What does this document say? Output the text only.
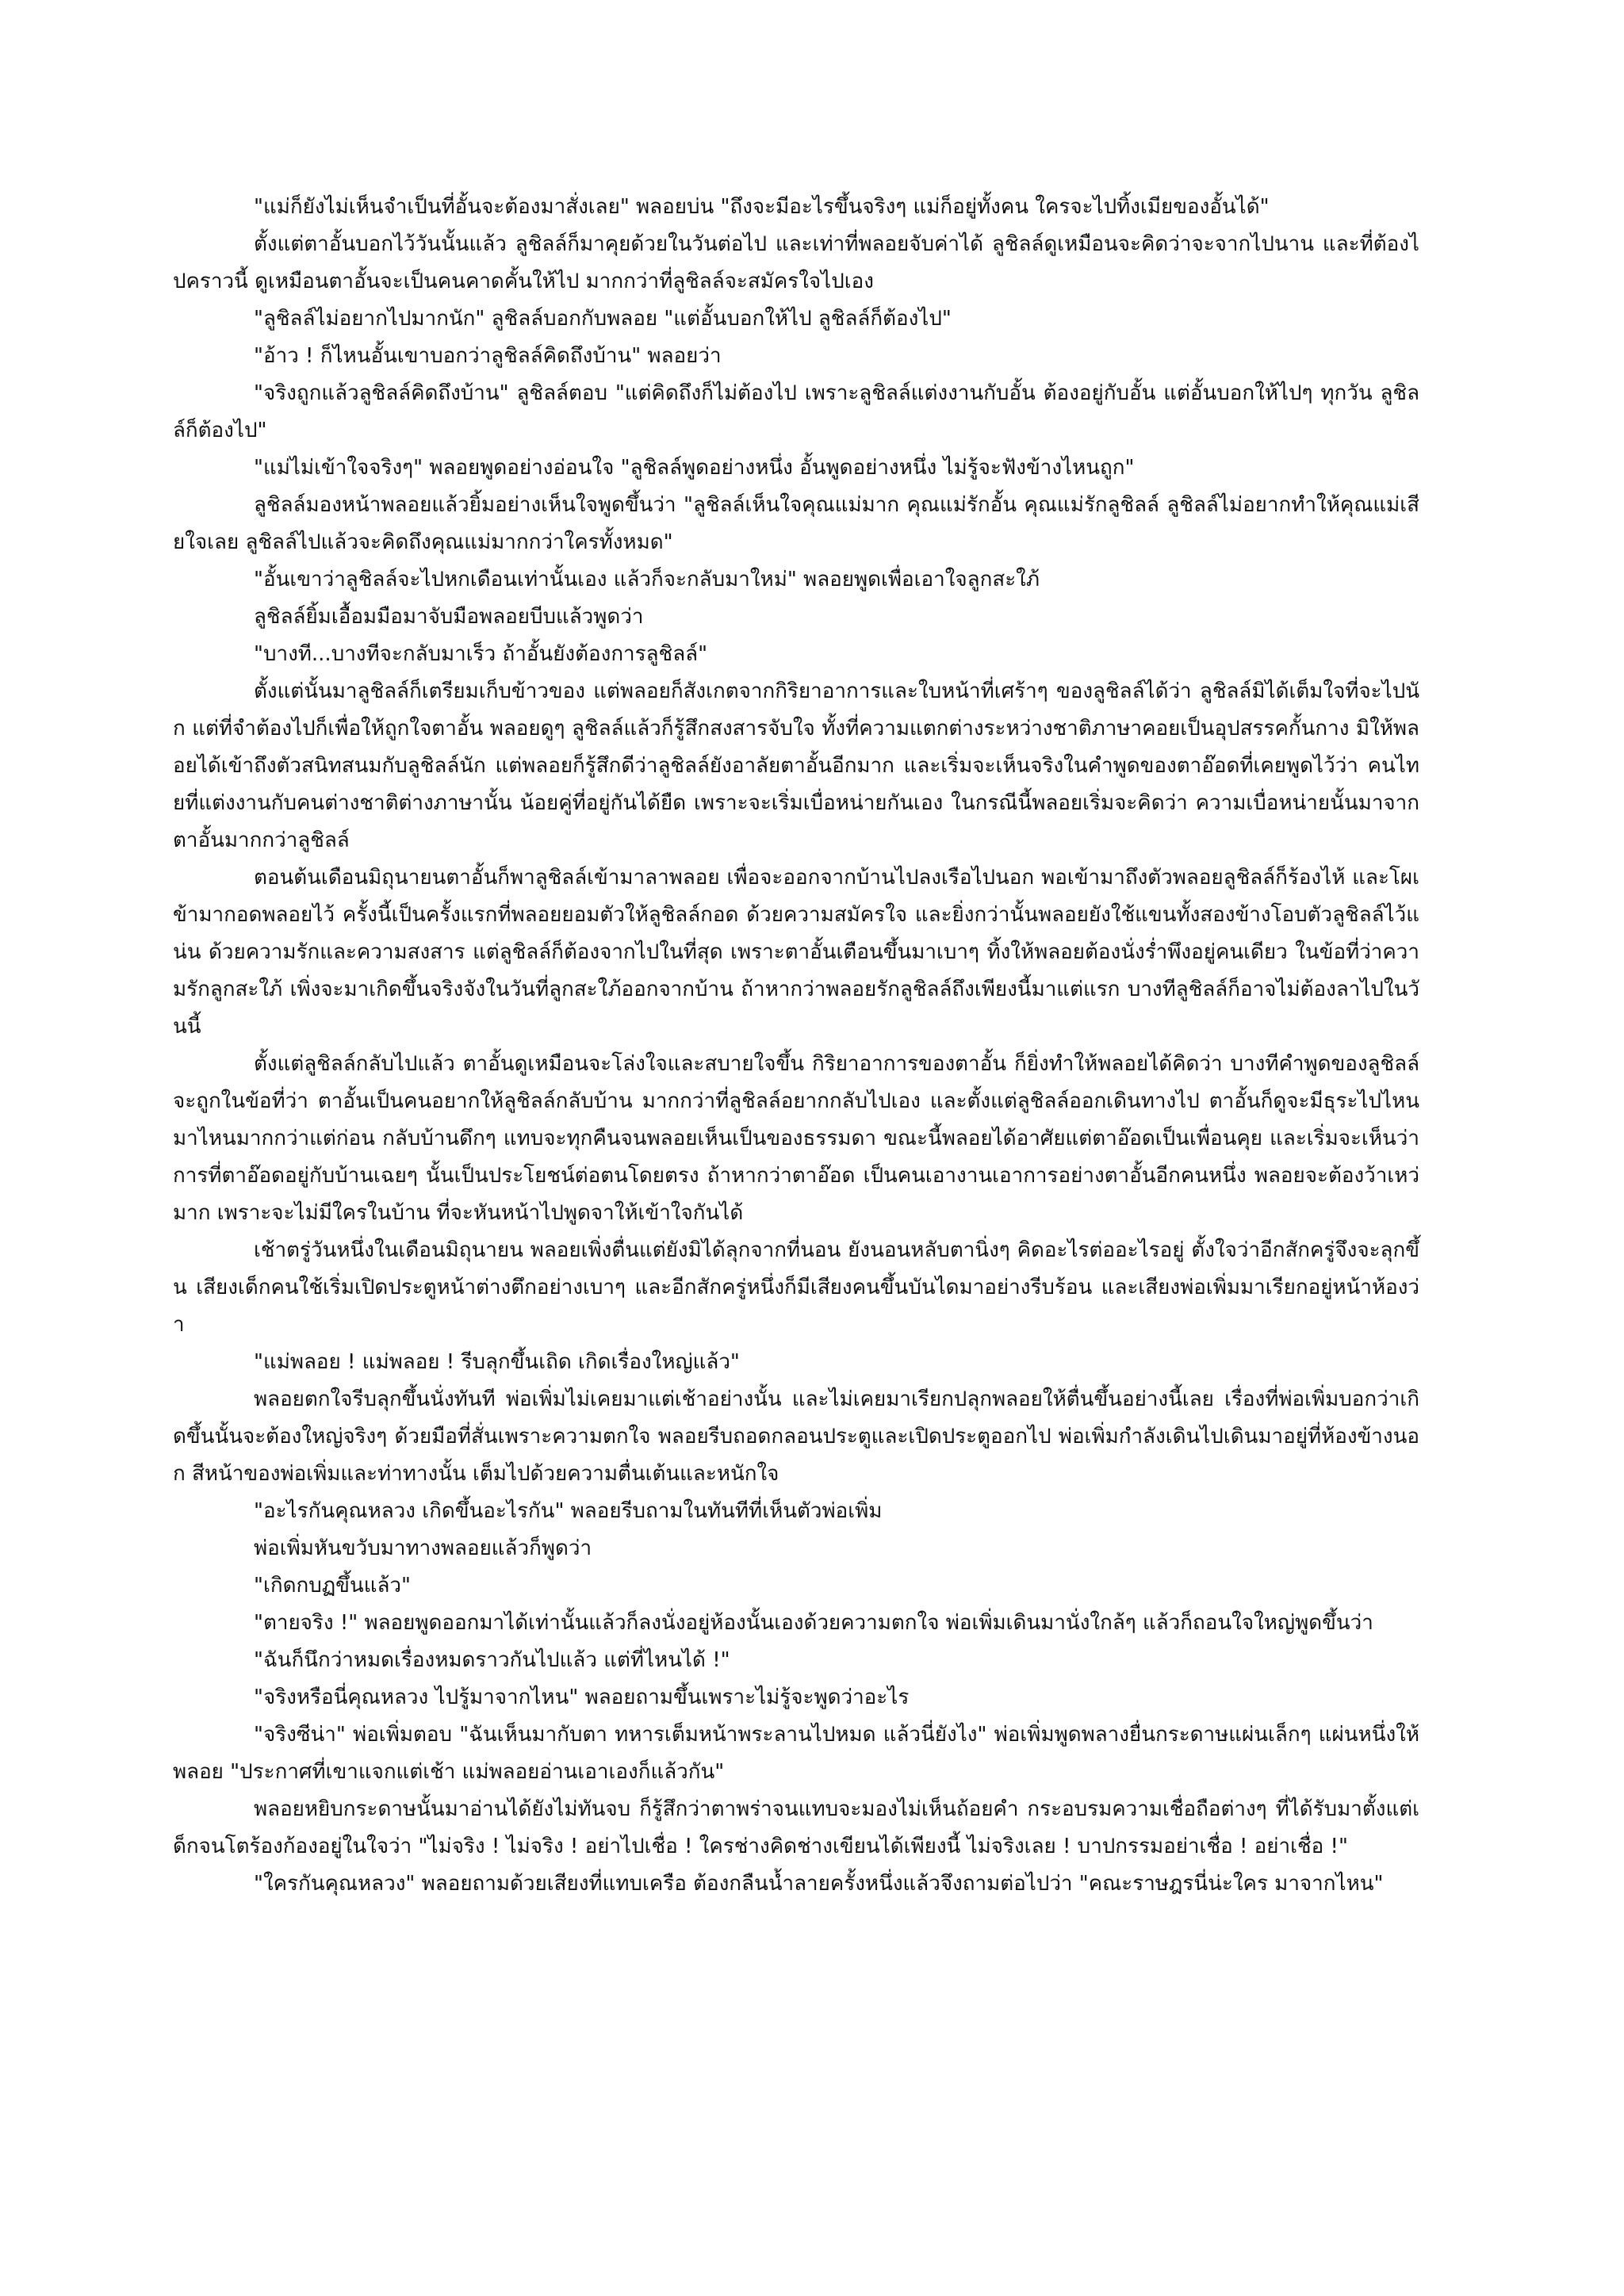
"แม่ก็ยังไม่เห็นจำเป็นที่อั้นจะต้องมาสั่งเลย" พลอยบ่น "ถึงจะมีอะไรขึ้นจริงๆ แม่ก็อยู่ทั้งคน ใครจะไปทิ้งเมียของอั้นได้"

ตั้งแต่ตาอั้นบอกไว้วันนั้นแล้ว ลูชิลล์ก็มาคุยด้วยในวันต่อไป และเท่าที่พลอยจับค่าได้ ลูชิลล์ดูเหมือนจะคิดว่าจะจากไปนาน และที่ต้องไปคราวนี้ ดูเหมือนตาอั้นจะเป็นคนคาดคั้นให้ไป มากกว่าที่ลูชิลล์จะสมัครใจไปเอง

"ลูชิลล์ไม่อยากไปมากนัก" ลูชิลล์บอกกับพลอย "แต่อั้นบอกให้ไป ลูชิลล์ก็ต้องไป"

"อ้าว ! ก็ไหนอั้นเขาบอกว่าลูชิลล์คิดถึงบ้าน" พลอยว่า

"จริงถูกแล้วลูชิลล์คิดถึงบ้าน" ลูชิลล์ตอบ "แต่คิดถึงก็ไม่ต้องไป เพราะลูชิลล์แต่งงานกับอั้น ต้องอยู่กับอั้น แต่อั้นบอกให้ไปๆ ทุกวัน ลูชิลล์ก็ต้องไป"

"แม่ไม่เข้าใจจริงๆ" พลอยพูดอย่างอ่อนใจ "ลูชิลล์พูดอย่างหนึ่ง อั้นพูดอย่างหนึ่ง ไม่รู้จะฟังข้างไหนถูก"

ลูชิลล์มองหน้าพลอยแล้วยิ้มอย่างเห็นใจพูดขึ้นว่า "ลูชิลล์เห็นใจคุณแม่มาก คุณแม่รักอั้น คุณแม่รักลูชิลล์ ลูชิลล์ไม่อยากทำให้คุณแม่เสียใจเลย ลูชิลล์ไปแล้วจะคิดถึงคุณแม่มากกว่าใครทั้งหมด"

"อั้นเขาว่าลูชิลล์จะไปหกเดือนเท่านั้นเอง แล้วก็จะกลับมาใหม่" พลอยพูดเพื่อเอาใจลูกสะใภ้

ลูชิลล์ยิ้มเอื้อมมือมาจับมือพลอยบีบแล้วพูดว่า

"บางที...บางทีจะกลับมาเร็ว ถ้าอั้นยังต้องการลูชิลล์"

ตั้งแต่นั้นมาลูชิลล์ก็เตรียมเก็บข้าวของ แต่พลอยก็สังเกตจากกิริยาอาการและใบหน้าที่เศร้าๆ ของลูชิลล์ได้ว่า ลูชิลล์มิได้เต็มใจที่จะไปนัก แต่ที่จำต้องไปก็เพื่อให้ถูกใจตาอั้น พลอยดูๆ ลูชิลล์แล้วก็รู้สึกสงสารจับใจ ทั้งที่ความแตกต่างระหว่างชาติภาษาคอยเป็นอุปสรรคกั้นกาง มิให้พลอยได้เข้าถึงตัวสนิทสนมกับลูชิลล์นัก แต่พลอยก็รู้สึกดีว่าลูชิลล์ยังอาลัยตาอั้นอีกมาก และเริ่มจะเห็นจริงในคำพูดของตาอ๊อดที่เคยพูดไว้ว่า คนไทยที่แต่งงานกับคนต่างชาติต่างภาษานั้น น้อยคู่ที่อยู่กันได้ยืด เพราะจะเริ่มเบื่อหน่ายกันเอง ในกรณีนี้พลอยเริ่มจะคิดว่า ความเบื่อหน่ายนั้นมาจากตาอั้นมากกว่าลูชิลล์

ตอนต้นเดือนมิถุนายนตาอั้นก็พาลูชิลล์เข้ามาลาพลอย เพื่อจะออกจากบ้านไปลงเรือไปนอก พอเข้ามาถึงตัวพลอยลูชิลล์ก็ร้องไห้ และโผเข้ามากอดพลอยไว้ ครั้งนี้เป็นครั้งแรกที่พลอยยอมตัวให้ลูชิลล์กอด ด้วยความสมัครใจ และยิ่งกว่านั้นพลอยยังใช้แขนทั้งสองข้างโอบตัวลูชิลล์ไว้แน่น ด้วยความรักและความสงสาร แต่ลูชิลล์ก็ต้องจากไปในที่สุด เพราะตาอั้นเตือนขึ้นมาเบาๆ ทิ้งให้พลอยต้องนั่งร่ำพึงอยู่คนเดียว ในข้อที่ว่าความรักลูกสะใภ้ เพิ่งจะมาเกิดขึ้นจริงจังในวันที่ลูกสะใภ้ออกจากบ้าน ถ้าหากว่าพลอยรักลูชิลล์ถึงเพียงนี้มาแต่แรก บางทีลูชิลล์ก็อาจไม่ต้องลาไปในวันนี้

ตั้งแต่ลูชิลล์กลับไปแล้ว ตาอั้นดูเหมือนจะโล่งใจและสบายใจขึ้น กิริยาอาการของตาอั้น ก็ยิ่งทำให้พลอยได้คิดว่า บางทีคำพูดของลูชิลล์จะถูกในข้อที่ว่า ตาอั้นเป็นคนอยากให้ลูชิลล์กลับบ้าน มากกว่าที่ลูชิลล์อยากกลับไปเอง และตั้งแต่ลูชิลล์ออกเดินทางไป ตาอั้นก็ดูจะมีธุระไปไหนมาไหนมากกว่าแต่ก่อน กลับบ้านดึกๆ แทบจะทุกคืนจนพลอยเห็นเป็นของธรรมดา ขณะนี้พลอยได้อาศัยแต่ตาอ๊อดเป็นเพื่อนคุย และเริ่มจะเห็นว่าการที่ตาอ๊อดอยู่กับบ้านเฉยๆ นั้นเป็นประโยชน์ต่อตนโดยตรง ถ้าหากว่าตาอ๊อด เป็นคนเอางานเอาการอย่างตาอั้นอีกคนหนึ่ง พลอยจะต้องว้าเหว่มาก เพราะจะไม่มีใครในบ้าน ที่จะหันหน้าไปพูดจาให้เข้าใจกันได้

เช้าตรู่วันหนึ่งในเดือนมิถุนายน พลอยเพิ่งตื่นแต่ยังมิได้ลุกจากที่นอน ยังนอนหลับตานิ่งๆ คิดอะไรต่ออะไรอยู่ ตั้งใจว่าอีกสักครู่จึงจะลุกขึ้น เสียงเด็กคนใช้เริ่มเปิดประตูหน้าต่างตึกอย่างเบาๆ และอีกสักครู่หนึ่งก็มีเสียงคนขึ้นบันไดมาอย่างรีบร้อน และเสียงพ่อเพิ่มมาเรียกอยู่หน้าห้องว่า

"แม่พลอย ! แม่พลอย ! รีบลุกขึ้นเถิด เกิดเรื่องใหญ่แล้ว"

พลอยตกใจรีบลุกขึ้นนั่งทันที พ่อเพิ่มไม่เคยมาแต่เช้าอย่างนั้น และไม่เคยมาเรียกปลุกพลอยให้ตื่นขึ้นอย่างนี้เลย เรื่องที่พ่อเพิ่มบอกว่าเกิดขึ้นนั้นจะต้องใหญ่จริงๆ ด้วยมือที่สั่นเพราะความตกใจ พลอยรีบถอดกลอนประตูและเปิดประตูออกไป พ่อเพิ่มกำลังเดินไปเดินมาอยู่ที่ห้องข้างนอก สีหน้าของพ่อเพิ่มและท่าทางนั้น เต็มไปด้วยความตื่นเต้นและหนักใจ

"อะไรกันคุณหลวง เกิดขึ้นอะไรกัน" พลอยรีบถามในทันทีที่เห็นตัวพ่อเพิ่ม

พ่อเพิ่มหันขวับมาทางพลอยแล้วก็พูดว่า

"เกิดกบฏขึ้นแล้ว"

"ตายจริง !" พลอยพูดออกมาได้เท่านั้นแล้วก็ลงนั่งอยู่ห้องนั้นเองด้วยความตกใจ พ่อเพิ่มเดินมานั่งใกล้ๆ แล้วก็ถอนใจใหญ่พูดขึ้นว่า

"ฉันก็นึกว่าหมดเรื่องหมดราวกันไปแล้ว แต่ที่ไหนได้ !"

"จริงหรือนี่คุณหลวง ไปรู้มาจากไหน" พลอยถามขึ้นเพราะไม่รู้จะพูดว่าอะไร

"จริงซีน่า" พ่อเพิ่มตอบ "ฉันเห็นมากับตา ทหารเต็มหน้าพระลานไปหมด แล้วนี่ยังไง" พ่อเพิ่มพูดพลางยื่นกระดาษแผ่นเล็กๆ แผ่นหนึ่งให้พลอย "ประกาศที่เขาแจกแต่เช้า แม่พลอยอ่านเอาเองก็แล้วกัน"

พลอยหยิบกระดาษนั้นมาอ่านได้ยังไม่ทันจบ ก็รู้สึกว่าตาพร่าจนแทบจะมองไม่เห็นถ้อยคำ กระอบรมความเชื่อถือต่างๆ ที่ได้รับมาตั้งแต่เด็กจนโตร้องก้องอยู่ในใจว่า "ไม่จริง ! ไม่จริง ! อย่าไปเชื่อ ! ใครช่างคิดช่างเขียนได้เพียงนี้ ไม่จริงเลย ! บาปกรรมอย่าเชื่อ ! อย่าเชื่อ !"

"ใครกันคุณหลวง" พลอยถามด้วยเสียงที่แทบเครือ ต้องกลืนน้ำลายครั้งหนึ่งแล้วจึงถามต่อไปว่า "คณะราษฎรนี่น่ะใคร มาจากไหน"
